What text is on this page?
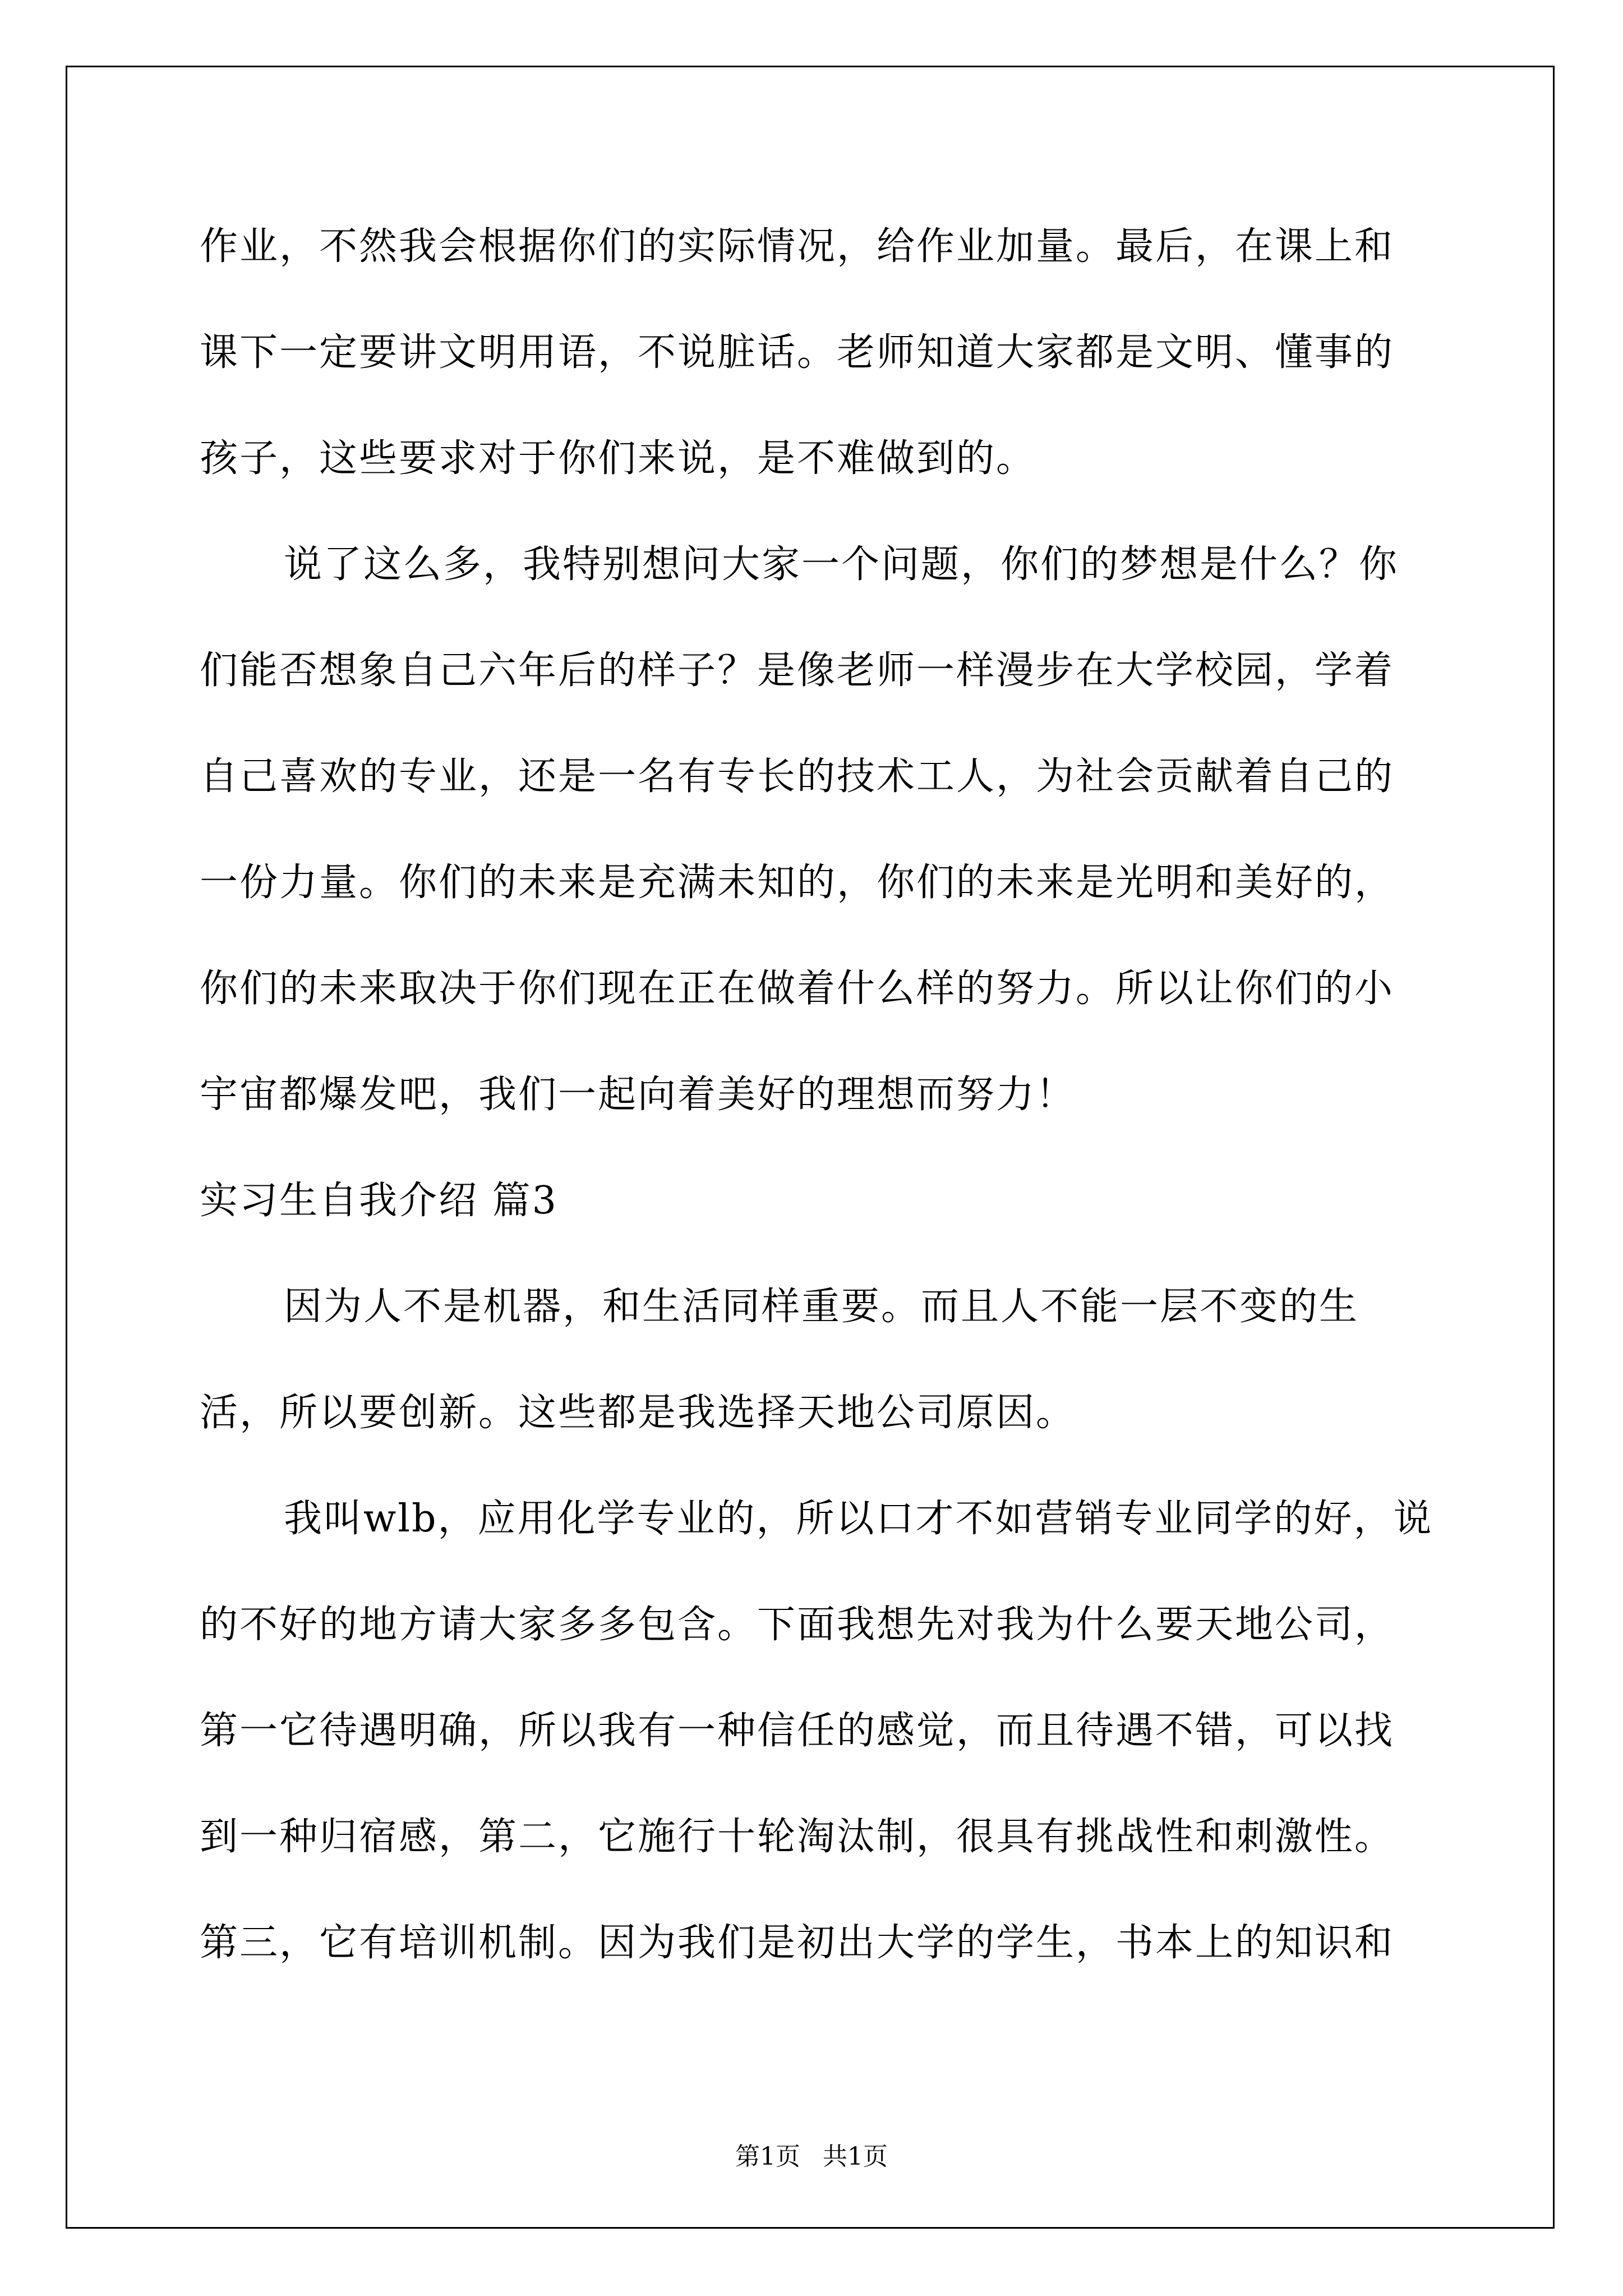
作业，不然我会根据你们的实际情况，给作业加量。最后，在课上和课下一定要讲文明用语，不说脏话。老师知道大家都是文明、懂事的孩子，这些要求对于你们来说，是不难做到的。

说了这么多，我特别想问大家一个问题，你们的梦想是什么？你们能否想象自己六年后的样子？是像老师一样漫步在大学校园，学着自己喜欢的专业，还是一名有专长的技术工人，为社会贡献着自己的一份力量。你们的未来是充满未知的，你们的未来是光明和美好的，你们的未来取决于你们现在正在做着什么样的努力。所以让你们的小宇宙都爆发吧，我们一起向着美好的理想而努力！

实习生自我介绍 篇3

因为人不是机器，和生活同样重要。而且人不能一层不变的生活，所以要创新。这些都是我选择天地公司原因。

我叫wlb，应用化学专业的，所以口才不如营销专业同学的好，说的不好的地方请大家多多包含。下面我想先对我为什么要天地公司，第一它待遇明确，所以我有一种信任的感觉，而且待遇不错，可以找到一种归宿感，第二，它施行十轮淘汰制，很具有挑战性和刺激性。第三，它有培训机制。因为我们是初出大学的学生，书本上的知识和

第1页 共1页
